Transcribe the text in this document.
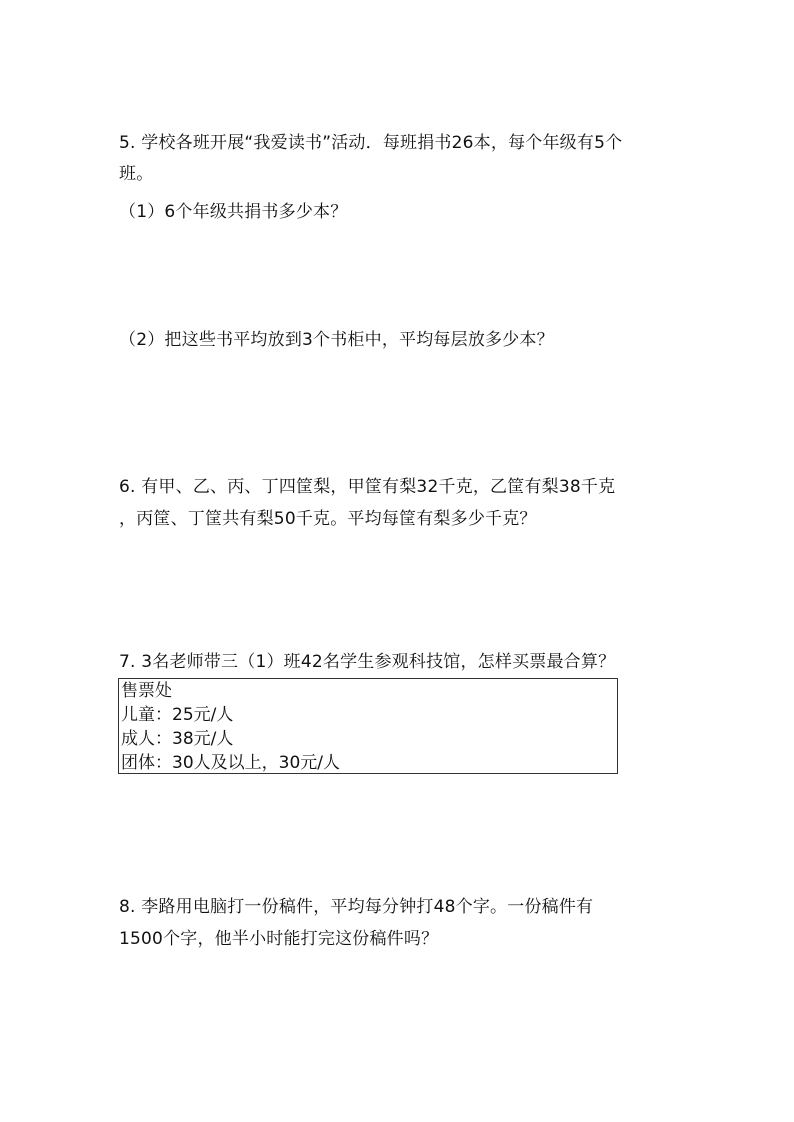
5. 学校各班开展“我爱读书”活动．每班捐书26本，每个年级有5个
班。
（1）6个年级共捐书多少本？
（2）把这些书平均放到3个书柜中，平均每层放多少本？
6. 有甲、乙、丙、丁四筐梨，甲筐有梨32千克，乙筐有梨38千克
，丙筐、丁筐共有梨50千克。平均每筐有梨多少千克？
7. 3名老师带三（1）班42名学生参观科技馆，怎样买票最合算？
售票处
儿童：25元/人
成人：38元/人
团体：30人及以上，30元/人
8. 李路用电脑打一份稿件，平均每分钟打48个字。一份稿件有
1500个字，他半小时能打完这份稿件吗？
